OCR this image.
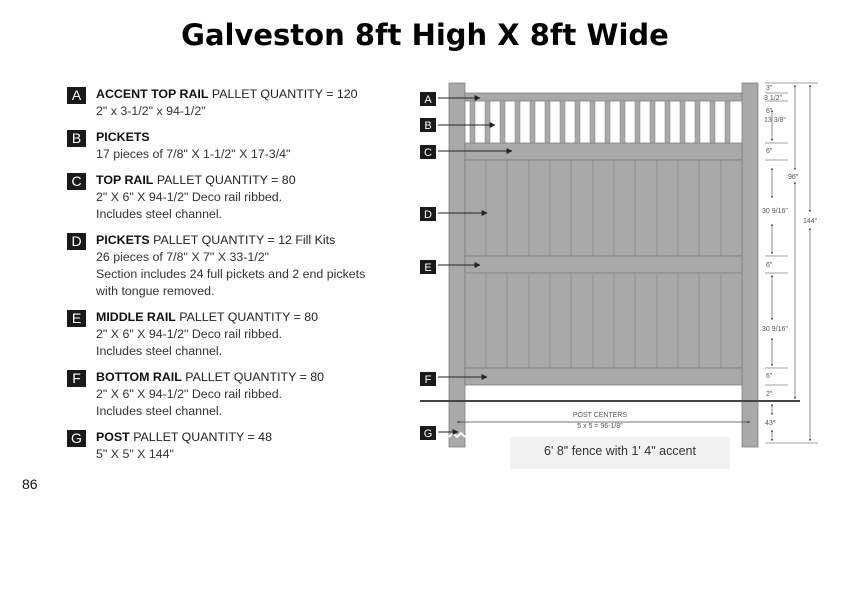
Galveston 8ft High X 8ft Wide
A	ACCENT TOP RAIL PALLET QUANTITY = 120
2" x 3-1/2" x 94-1/2"
B	PICKETS
17 pieces of 7/8" X 1-1/2" X 17-3/4"
C	TOP RAIL PALLET QUANTITY = 80
2" X 6" X 94-1/2" Deco rail ribbed.
Includes steel channel.
D	PICKETS PALLET QUANTITY = 12 Fill Kits
26 pieces of 7/8" X 7" X 33-1/2"
Section includes 24 full pickets and 2 end pickets
with tongue removed.
E	MIDDLE RAIL PALLET QUANTITY = 80
2" X 6" X 94-1/2" Deco rail ribbed.
Includes steel channel.
F	BOTTOM RAIL PALLET QUANTITY = 80
2" X 6" X 94-1/2" Deco rail ribbed.
Includes steel channel.
G	POST PALLET QUANTITY = 48
5" X 5" X 144"
86
POST CENTERS
5 x 5 = 96-1/8"
6' 8" fence with 1' 4" accent
A
B
C
D
E
F
G
3"
3 1/2"
6"
13 3/8"
6"
30 9/16"
6"
30 9/16"
6"
2"
43"
96"
144"
